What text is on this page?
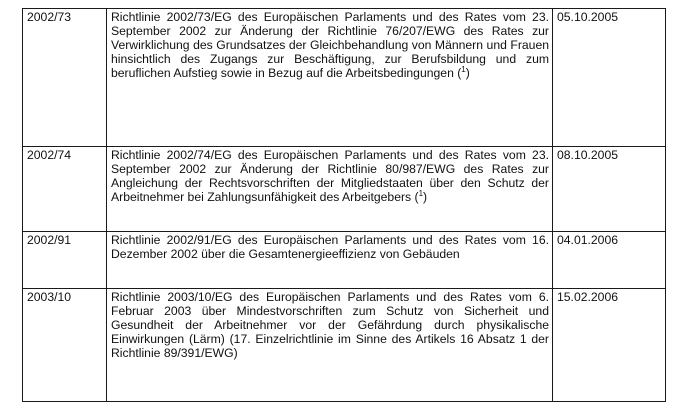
2002/73	Richtlinie 2002/73/EG des Europäischen Parlaments und des Rates vom 23. September 2002 zur Änderung der Richtlinie 76/207/EWG des Rates zur Verwirklichung des Grundsatzes der Gleichbehandlung von Männern und Frauen hinsichtlich des Zugangs zur Beschäftigung, zur Berufsbildung und zum beruflichen Aufstieg sowie in Bezug auf die Arbeitsbedingungen ($^1$)	05.10.2005
2002/74	Richtlinie 2002/74/EG des Europäischen Parlaments und des Rates vom 23. September 2002 zur Änderung der Richtlinie 80/987/EWG des Rates zur Angleichung der Rechtsvorschriften der Mitgliedstaaten über den Schutz der Arbeitnehmer bei Zahlungsunfähigkeit des Arbeitgebers ($^1$)	08.10.2005
2002/91	Richtlinie 2002/91/EG des Europäischen Parlaments und des Rates vom 16. Dezember 2002 über die Gesamtenergieeffizienz von Gebäuden	04.01.2006
2003/10	Richtlinie 2003/10/EG des Europäischen Parlaments und des Rates vom 6. Februar 2003 über Mindestvorschriften zum Schutz von Sicherheit und Gesundheit der Arbeitnehmer vor der Gefährdung durch physikalische Einwirkungen (Lärm) (17. Einzelrichtlinie im Sinne des Artikels 16 Absatz 1 der Richtlinie 89/391/EWG)	15.02.2006
